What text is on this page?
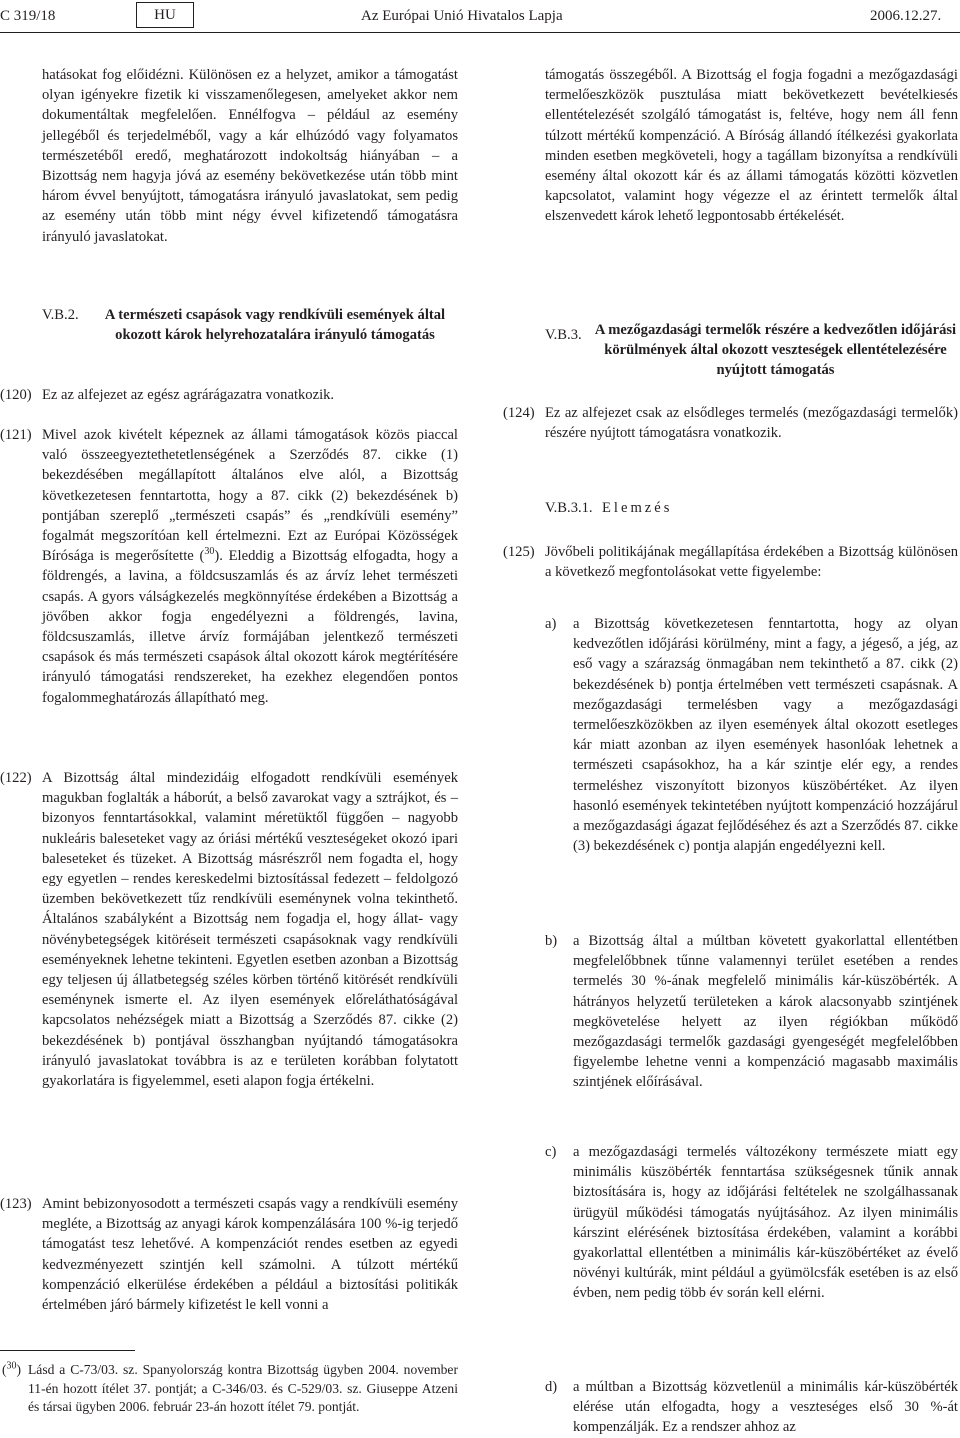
C 319/18	HU	Az Európai Unió Hivatalos Lapja	2006.12.27.

hatásokat fog előidézni. Különösen ez a helyzet, amikor a támogatást olyan igényekre fizetik ki visszamenőlegesen, amelyeket akkor nem dokumentáltak megfelelően. Ennélfogva – például az esemény jellegéből és terjedelméből, vagy a kár elhúzódó vagy folyamatos természetéből eredő, meghatározott indokoltság hiányában – a Bizottság nem hagyja jóvá az esemény bekövetkezése után több mint három évvel benyújtott, támogatásra irányuló javaslatokat, sem pedig az esemény után több mint négy évvel kifizetendő támogatásra irányuló javaslatokat.

V.B.2.	A természeti csapások vagy rendkívüli események által okozott károk helyrehozatalára irányuló támogatás
(120) Ez az alfejezet az egész agrárágazatra vonatkozik.

(121) Mivel azok kivételt képeznek az állami támogatások közös piaccal való összeegyeztethetetlenségének a Szerződés 87. cikke (1) bekezdésében megállapított általános elve alól, a Bizottság következetesen fenntartotta, hogy a 87. cikk (2) bekezdésének b) pontjában szereplő „természeti csapás” és „rendkívüli esemény” fogalmát megszorítóan kell értelmezni. Ezt az Európai Közösségek Bírósága is megerősítette ($^{30}$). Eleddig a Bizottság elfogadta, hogy a földrengés, a lavina, a földcsuszamlás és az árvíz lehet természeti csapás. A gyors válságkezelés megkönnyítése érdekében a Bizottság a jövőben akkor fogja engedélyezni a földrengés, lavina, földcsuszamlás, illetve árvíz formájában jelentkező természeti csapások és más természeti csapások által okozott károk megtérítésére irányuló támogatási rendszereket, ha ezekhez elegendően pontos fogalommeghatározás állapítható meg.

(122) A Bizottság által mindezidáig elfogadott rendkívüli események magukban foglalták a háborút, a belső zavarokat vagy a sztrájkot, és – bizonyos fenntartásokkal, valamint méretüktől függően – nagyobb nukleáris baleseteket vagy az óriási mértékű veszteségeket okozó ipari baleseteket és tüzeket. A Bizottság másrészről nem fogadta el, hogy egy egyetlen – rendes kereskedelmi biztosítással fedezett – feldolgozó üzemben bekövetkezett tűz rendkívüli eseménynek volna tekinthető. Általános szabályként a Bizottság nem fogadja el, hogy állat- vagy növénybetegségek kitöréseit természeti csapásoknak vagy rendkívüli eseményeknek lehetne tekinteni. Egyetlen esetben azonban a Bizottság egy teljesen új állatbetegség széles körben történő kitörését rendkívüli eseménynek ismerte el. Az ilyen események előreláthatóságával kapcsolatos nehézségek miatt a Bizottság a Szerződés 87. cikke (2) bekezdésének b) pontjával összhangban nyújtandó támogatásokra irányuló javaslatokat továbbra is az e területen korábban folytatott gyakorlatára is figyelemmel, eseti alapon fogja értékelni.

(123) Amint bebizonyosodott a természeti csapás vagy a rendkívüli esemény megléte, a Bizottság az anyagi károk kompenzálására 100 %-ig terjedő támogatást tesz lehetővé. A kompenzációt rendes esetben az egyedi kedvezményezett szintjén kell számolni. A túlzott mértékű kompenzáció elkerülése érdekében a például a biztosítási politikák értelmében járó bármely kifizetést le kell vonni a

($^{30}$) Lásd a C-73/03. sz. Spanyolország kontra Bizottság ügyben 2004. november 11-én hozott ítélet 37. pontját; a C-346/03. és C-529/03. sz. Giuseppe Atzeni és társai ügyben 2006. február 23-án hozott ítélet 79. pontját.

támogatás összegéből. A Bizottság el fogja fogadni a mezőgazdasági termelőeszközök pusztulása miatt bekövetkezett bevételkiesés ellentételezését szolgáló támogatást is, feltéve, hogy nem áll fenn túlzott mértékű kompenzáció. A Bíróság állandó ítélkezési gyakorlata minden esetben megköveteli, hogy a tagállam bizonyítsa a rendkívüli esemény által okozott kár és az állami támogatás közötti közvetlen kapcsolatot, valamint hogy végezze el az érintett termelők által elszenvedett károk lehető legpontosabb értékelését.

V.B.3. A mezőgazdasági termelők részére a kedvezőtlen időjárási körülmények által okozott veszteségek ellentételezésére nyújtott támogatás
(124) Ez az alfejezet csak az elsődleges termelés (mezőgazdasági termelők) részére nyújtott támogatásra vonatkozik.

V.B.3.1. Elemzés
(125) Jövőbeli politikájának megállapítása érdekében a Bizottság különösen a következő megfontolásokat vette figyelembe:

a) a Bizottság következetesen fenntartotta, hogy az olyan kedvezőtlen időjárási körülmény, mint a fagy, a jégeső, a jég, az eső vagy a szárazság önmagában nem tekinthető a 87. cikk (2) bekezdésének b) pontja értelmében vett természeti csapásnak. A mezőgazdasági termelésben vagy a mezőgazdasági termelőeszközökben az ilyen események által okozott esetleges kár miatt azonban az ilyen események hasonlóak lehetnek a természeti csapásokhoz, ha a kár szintje elér egy, a rendes termeléshez viszonyított bizonyos küszöbértéket. Az ilyen hasonló események tekintetében nyújtott kompenzáció hozzájárul a mezőgazdasági ágazat fejlődéséhez és azt a Szerződés 87. cikke (3) bekezdésének c) pontja alapján engedélyezni kell.

b) a Bizottság által a múltban követett gyakorlattal ellentétben megfelelőbbnek tűnne valamennyi terület esetében a rendes termelés 30 %-ának megfelelő minimális kár-küszöbérték. A hátrányos helyzetű területeken a károk alacsonyabb szintjének megkövetelése helyett az ilyen régiókban működő mezőgazdasági termelők gazdasági gyengeségét megfelelőbben figyelembe lehetne venni a kompenzáció magasabb maximális szintjének előírásával.

c) a mezőgazdasági termelés változékony természete miatt egy minimális küszöbérték fenntartása szükségesnek tűnik annak biztosítására is, hogy az időjárási feltételek ne szolgálhassanak ürügyül működési támogatás nyújtásához. Az ilyen minimális kárszint elérésének biztosítása érdekében, valamint a korábbi gyakorlattal ellentétben a minimális kár-küszöbértéket az évelő növényi kultúrák, mint például a gyümölcsfák esetében is az első évben, nem pedig több év során kell elérni.

d) a múltban a Bizottság közvetlenül a minimális kár-küszöbérték elérése után elfogadta, hogy a veszteséges első 30 %-át kompenzálják. Ez a rendszer ahhoz az
